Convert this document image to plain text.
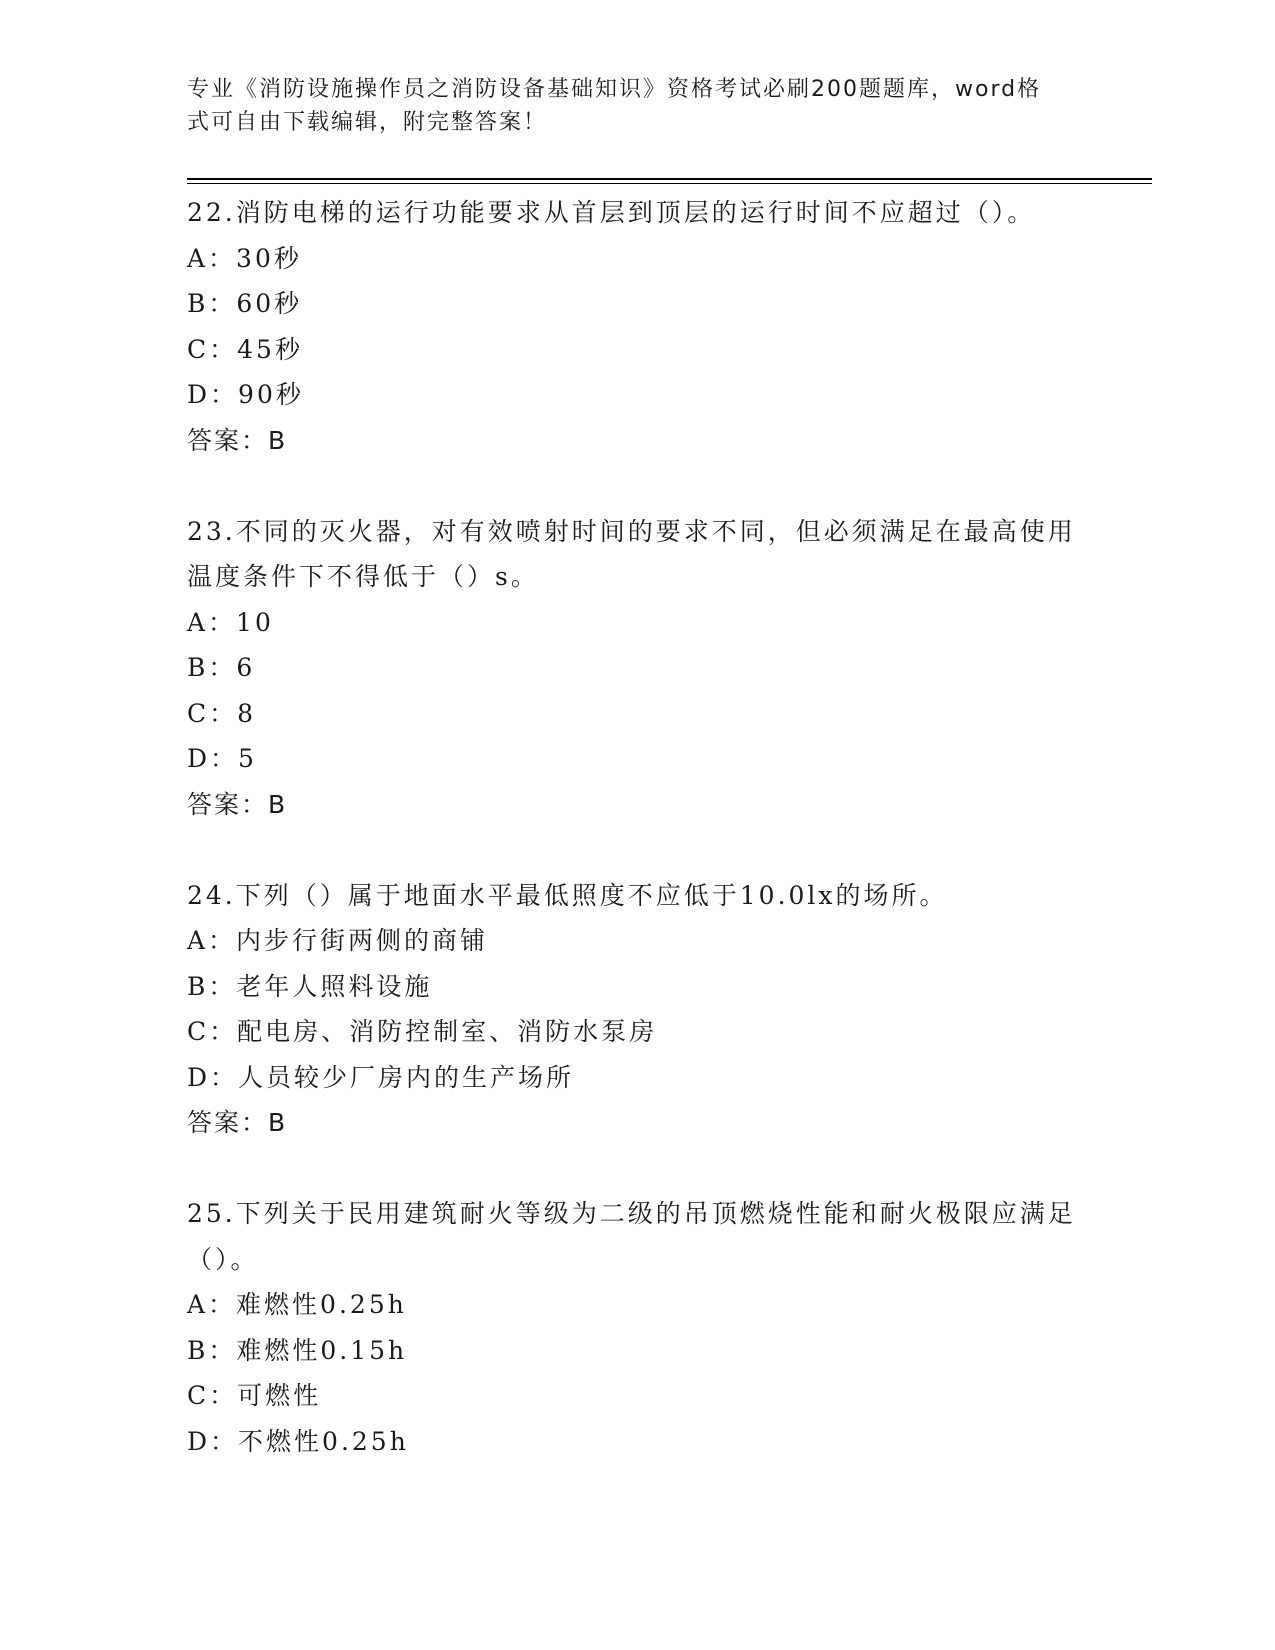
专业《消防设施操作员之消防设备基础知识》资格考试必刷200题题库，word格
式可自由下载编辑，附完整答案！
22.消防电梯的运行功能要求从首层到顶层的运行时间不应超过（）。
A：30秒
B：60秒
C：45秒
D：90秒
答案：B
23.不同的灭火器，对有效喷射时间的要求不同，但必须满足在最高使用温度条件下不得低于（）s。
A：10
B：6
C：8
D：5
答案：B
24.下列（）属于地面水平最低照度不应低于10.0lx的场所。
A：内步行街两侧的商铺
B：老年人照料设施
C：配电房、消防控制室、消防水泵房
D：人员较少厂房内的生产场所
答案：B
25.下列关于民用建筑耐火等级为二级的吊顶燃烧性能和耐火极限应满足（）。
A：难燃性0.25h
B：难燃性0.15h
C：可燃性
D：不燃性0.25h
